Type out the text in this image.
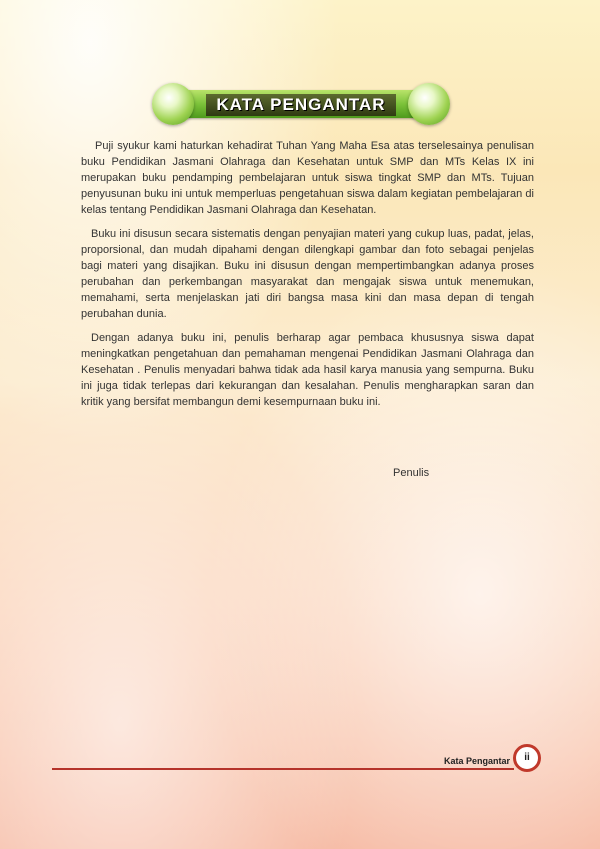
KATA PENGANTAR

Puji syukur kami haturkan kehadirat Tuhan Yang Maha Esa atas terselesainya penulisan buku Pendidikan Jasmani Olahraga dan Kesehatan untuk SMP dan MTs Kelas IX ini merupakan buku pendamping pembelajaran untuk siswa tingkat SMP dan MTs. Tujuan penyusunan buku ini untuk memperluas pengetahuan siswa dalam kegiatan pembelajaran di kelas tentang Pendidikan Jasmani Olahraga dan Kesehatan.

Buku ini disusun secara sistematis dengan penyajian materi yang cukup luas, padat, jelas, proporsional, dan mudah dipahami dengan dilengkapi gambar dan foto sebagai penjelas bagi materi yang disajikan. Buku ini disusun dengan mempertimbangkan adanya proses perubahan dan perkembangan masyarakat dan mengajak siswa untuk menemukan, memahami, serta menjelaskan jati diri bangsa masa kini dan masa depan di tengah perubahan dunia.

Dengan adanya buku ini, penulis berharap agar pembaca khususnya siswa dapat meningkatkan pengetahuan dan pemahaman mengenai Pendidikan Jasmani Olahraga dan Kesehatan . Penulis menyadari bahwa tidak ada hasil karya manusia yang sempurna. Buku ini juga tidak terlepas dari kekurangan dan kesalahan. Penulis mengharapkan saran dan kritik yang bersifat membangun demi kesempurnaan buku ini.

Penulis
Kata Pengantar	ii
